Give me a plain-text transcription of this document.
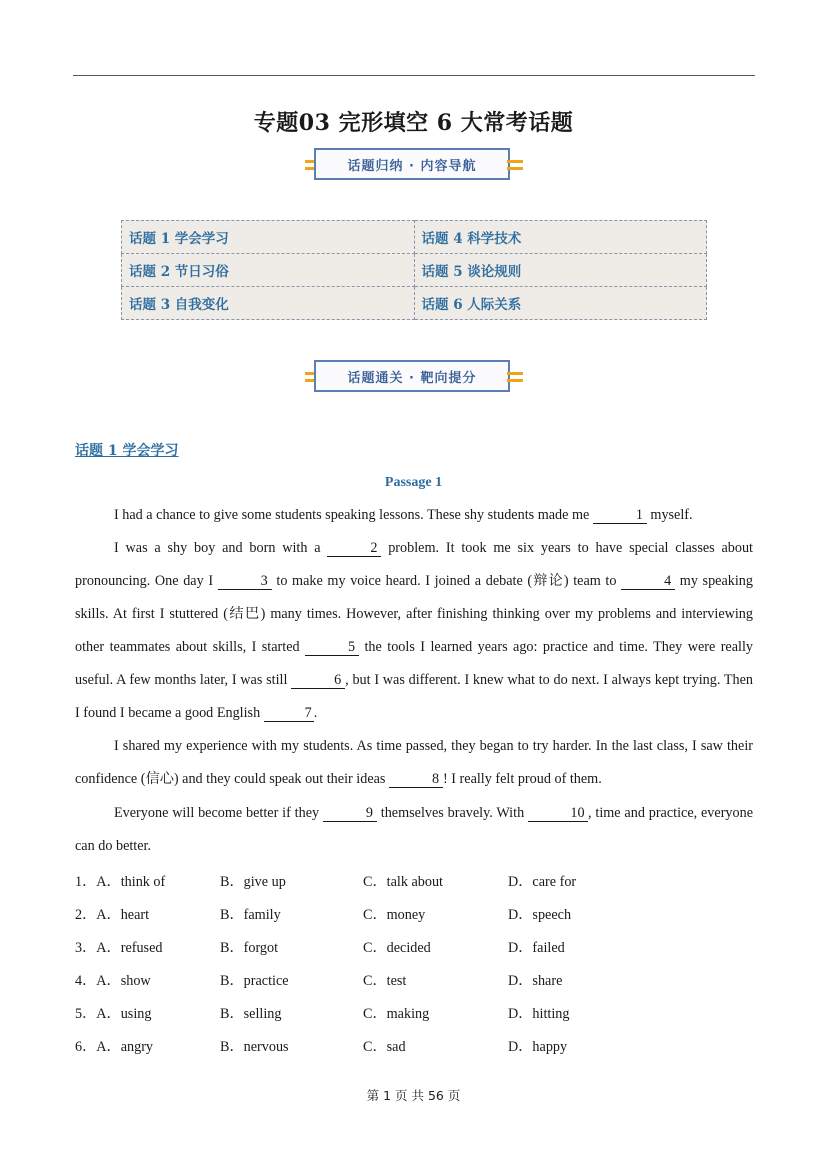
专题03 完形填空 6 大常考话题
话题归纳 · 内容导航
话题 1 学会学习	话题 4 科学技术
话题 2 节日习俗	话题 5 谈论规则
话题 3 自我变化	话题 6 人际关系
话题通关 · 靶向提分
话题 1 学会学习
Passage 1

I had a chance to give some students speaking lessons. These shy students made me	1 myself.

I was a shy boy and born with a	2 problem. It took me six years to have special classes about pronouncing. One day I	3 to make my voice heard. I joined a debate (辩论) team to	4 my speaking skills. At first I stuttered (结巴) many times. However, after finishing thinking over my problems and interviewing other teammates about skills, I started	5 the tools I learned years ago: practice and time. They were really useful. A few months later, I was still	6 , but I was different. I knew what to do next. I always kept trying. Then I found I became a good English	7 .

I shared my experience with my students. As time passed, they began to try harder. In the last class, I saw their confidence (信心) and they could speak out their ideas	8 ! I really felt proud of them.

Everyone will become better if they	9 themselves bravely. With	10 , time and practice, everyone can do better.

1．A．think of	B．give up	C．talk about	D．care for
2．A．heart	B．family	C．money	D．speech
3．A．refused	B．forgot	C．decided	D．failed
4．A．show	B．practice	C．test	D．share
5．A．using	B．selling	C．making	D．hitting
6．A．angry	B．nervous	C．sad	D．happy
第 1 页 共 56 页
